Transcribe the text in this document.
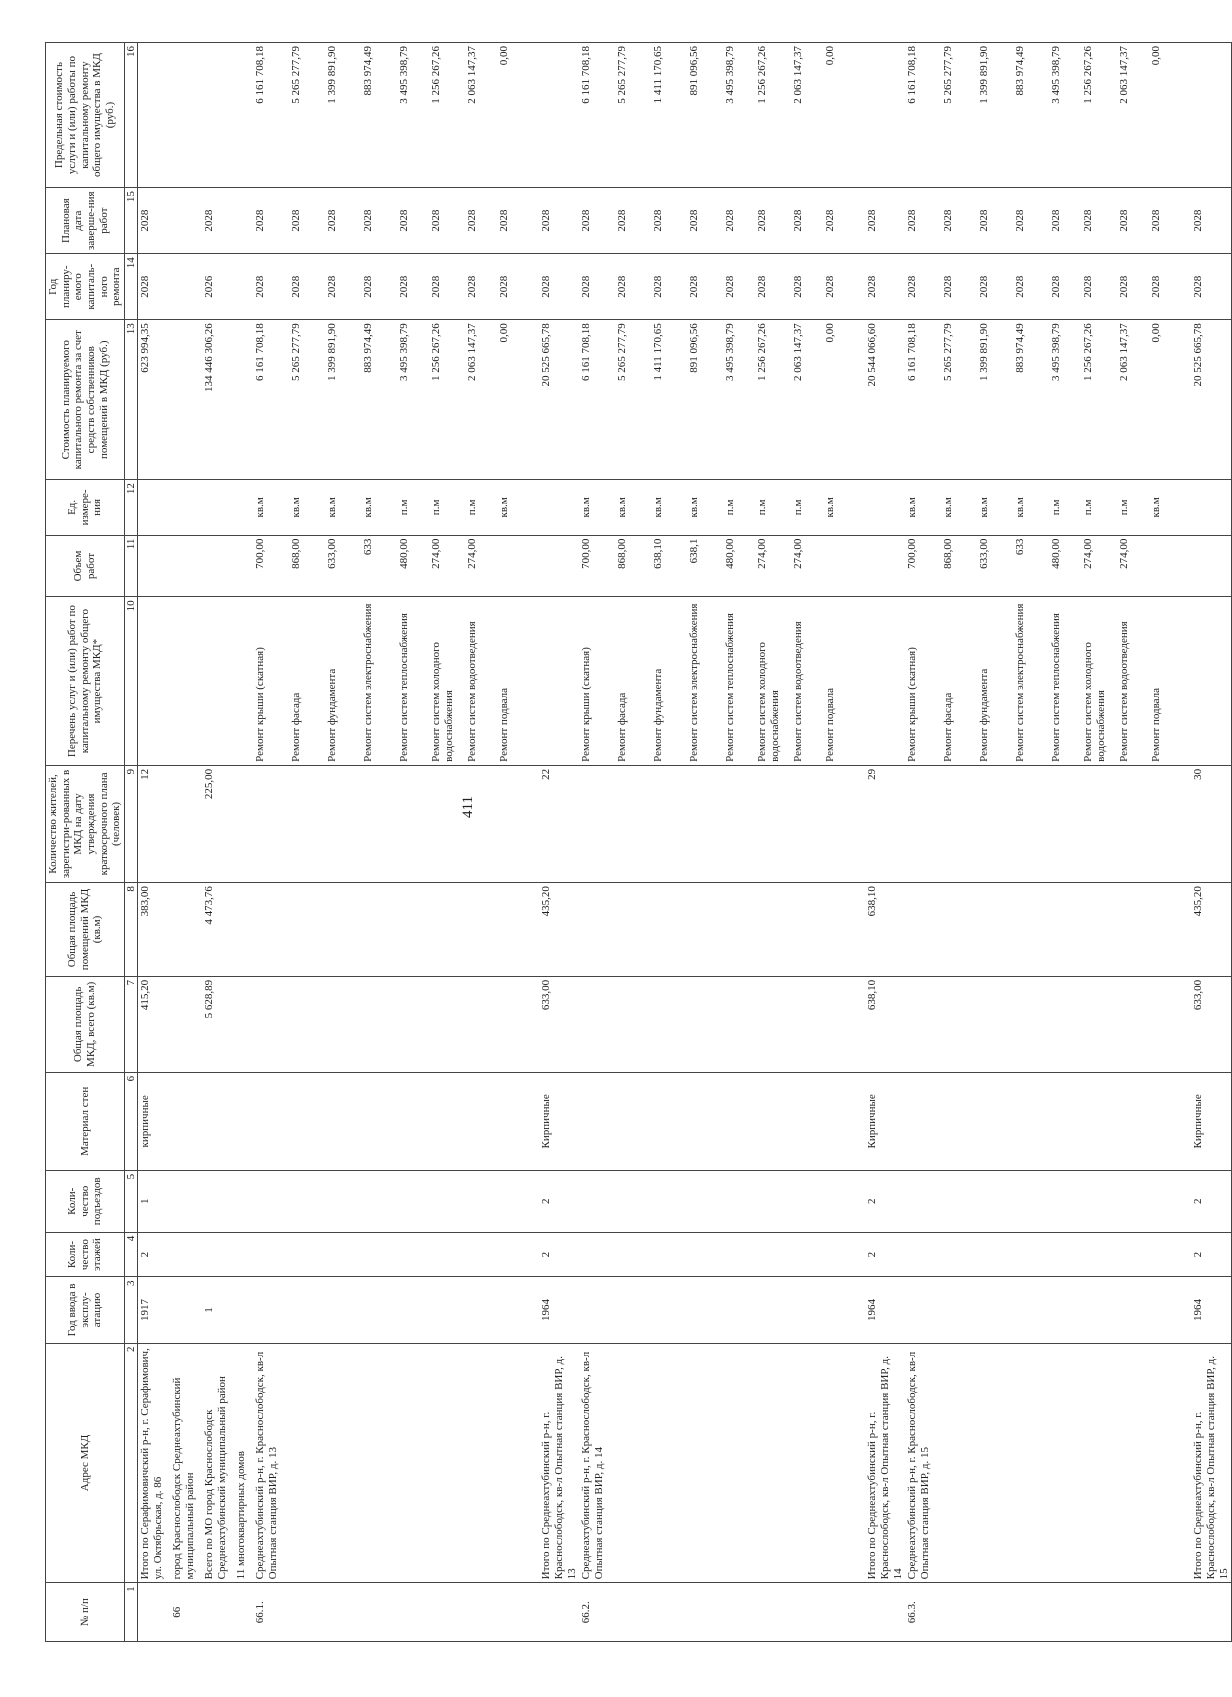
411
№ п/п	Адрес МКД	Год ввода в эксплу-атацию	Коли-чество этажей	Коли-чество подъездов	Материал стен	Общая площадь МКД, всего (кв.м)	Общая площадь помещений МКД (кв.м)	Количество жителей, зарегистри-рованных в МКД на дату утверждения краткосрочного плана (человек)	Перечень услуг и (или) работ по капитальному ремонту общего имущества МКД*	Объем работ	Ед. измере-ния	Стоимость планируемого капитального ремонта за счет средств собственников помещений в МКД (руб.)	Год планиру-емого капиталь-ного ремонта	Плановая дата заверше-ния работ	Предельная стоимость услуги и (или) работы по капитальному ремонту общего имущества в МКД (руб.)
1	2	3	4	5	6	7	8	9	10	11	12	13	14	15	16
	Итого по Серафимовичский р-н, г. Серафимович, ул. Октябрьская, д. 86	1917	2	1	кирпичные	415,20	383,00	12				623 994,35	2028	2028	
66	город Краснослободск Среднеахтубинский муниципальный район														
	Всего по МО город Краснослободск Среднеахтубинский муниципальный район	1				5 628,89	4 473,76	225,00				134 446 306,26	2026	2028	
	11 многоквартирных домов														
66.1.	Среднеахтубинский р-н, г. Краснослободск, кв-л Опытная станция ВИР, д. 13								Ремонт крыши (скатная)	700,00	кв.м	6 161 708,18	2028	2028	6 161 708,18
									Ремонт фасада	868,00	кв.м	5 265 277,79	2028	2028	5 265 277,79
									Ремонт фундамента	633,00	кв.м	1 399 891,90	2028	2028	1 399 891,90
									Ремонт систем электроснабжения	633	кв.м	883 974,49	2028	2028	883 974,49
									Ремонт систем теплоснабжения	480,00	п.м	3 495 398,79	2028	2028	3 495 398,79
									Ремонт систем холодного водоснабжения	274,00	п.м	1 256 267,26	2028	2028	1 256 267,26
									Ремонт систем водоотведения	274,00	п.м	2 063 147,37	2028	2028	2 063 147,37
									Ремонт подвала		кв.м	0,00	2028	2028	0,00
	Итого по Среднеахтубинский р-н, г. Краснослободск, кв-л Опытная станция ВИР, д. 13	1964	2	2	Кирпичные	633,00	435,20	22				20 525 665,78	2028	2028	
66.2.	Среднеахтубинский р-н, г. Краснослободск, кв-л Опытная станция ВИР, д. 14								Ремонт крыши (скатная)	700,00	кв.м	6 161 708,18	2028	2028	6 161 708,18
									Ремонт фасада	868,00	кв.м	5 265 277,79	2028	2028	5 265 277,79
									Ремонт фундамента	638,10	кв.м	1 411 170,65	2028	2028	1 411 170,65
									Ремонт систем электроснабжения	638,1	кв.м	891 096,56	2028	2028	891 096,56
									Ремонт систем теплоснабжения	480,00	п.м	3 495 398,79	2028	2028	3 495 398,79
									Ремонт систем холодного водоснабжения	274,00	п.м	1 256 267,26	2028	2028	1 256 267,26
									Ремонт систем водоотведения	274,00	п.м	2 063 147,37	2028	2028	2 063 147,37
									Ремонт подвала		кв.м	0,00	2028	2028	0,00
	Итого по Среднеахтубинский р-н, г. Краснослободск, кв-л Опытная станция ВИР, д. 14	1964	2	2	Кирпичные	638,10	638,10	29				20 544 066,60	2028	2028	
66.3.	Среднеахтубинский р-н, г. Краснослободск, кв-л Опытная станция ВИР, д. 15								Ремонт крыши (скатная)	700,00	кв.м	6 161 708,18	2028	2028	6 161 708,18
									Ремонт фасада	868,00	кв.м	5 265 277,79	2028	2028	5 265 277,79
									Ремонт фундамента	633,00	кв.м	1 399 891,90	2028	2028	1 399 891,90
									Ремонт систем электроснабжения	633	кв.м	883 974,49	2028	2028	883 974,49
									Ремонт систем теплоснабжения	480,00	п.м	3 495 398,79	2028	2028	3 495 398,79
									Ремонт систем холодного водоснабжения	274,00	п.м	1 256 267,26	2028	2028	1 256 267,26
									Ремонт систем водоотведения	274,00	п.м	2 063 147,37	2028	2028	2 063 147,37
									Ремонт подвала		кв.м	0,00	2028	2028	0,00
	Итого по Среднеахтубинский р-н, г. Краснослободск, кв-л Опытная станция ВИР, д. 15	1964	2	2	Кирпичные	633,00	435,20	30				20 525 665,78	2028	2028	
